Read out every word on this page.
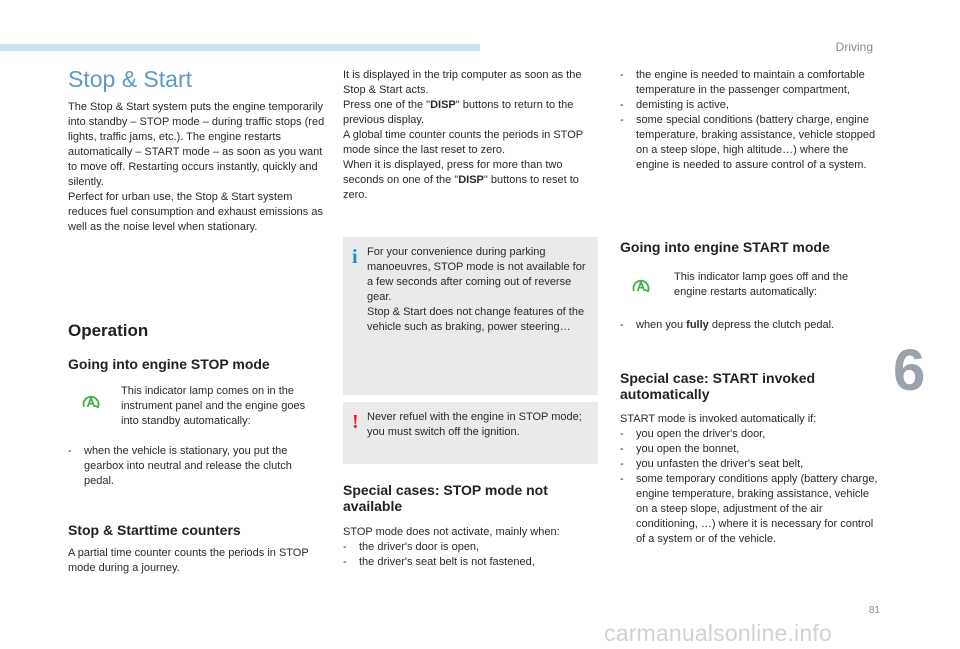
Driving
6
81
carmanualsonline.info
Stop & Start

The Stop & Start system puts the engine temporarily into standby – STOP mode – during traffic stops (red lights, traffic jams, etc.). The engine restarts automatically – START mode – as soon as you want to move off. Restarting occurs instantly, quickly and silently.

Perfect for urban use, the Stop & Start system reduces fuel consumption and exhaust emissions as well as the noise level when stationary.

Operation
Going into engine STOP mode
This indicator lamp comes on in the instrument panel and the engine goes into standby automatically:
-	when the vehicle is stationary, you put the gearbox into neutral and release the clutch pedal.
Stop & Starttime counters
A partial time counter counts the periods in STOP mode during a journey.

It is displayed in the trip computer as soon as the Stop & Start acts.

Press one of the "DISP" buttons to return to the previous display.

A global time counter counts the periods in STOP mode since the last reset to zero.

When it is displayed, press for more than two seconds on one of the "DISP" buttons to reset to zero.

i For your convenience during parking manoeuvres, STOP mode is not available for a few seconds after coming out of reverse gear.

Stop & Start does not change features of the vehicle such as braking, power steering…

! Never refuel with the engine in STOP mode; you must switch off the ignition.
Special cases: STOP mode not available

STOP mode does not activate, mainly when:

-	the driver's door is open,
-	the driver's seat belt is not fastened,
-	the engine is needed to maintain a comfortable temperature in the passenger compartment,
-	demisting is active,
-	some special conditions (battery charge, engine temperature, braking assistance, vehicle stopped on a steep slope, high altitude…) where the engine is needed to assure control of a system.
Going into engine START mode
This indicator lamp goes off and the engine restarts automatically:
-	when you fully depress the clutch pedal.
Special case: START invoked automatically

START mode is invoked automatically if:

-	you open the driver's door,
-	you open the bonnet,
-	you unfasten the driver's seat belt,
-	some temporary conditions apply (battery charge, engine temperature, braking assistance, vehicle on a steep slope, adjustment of the air conditioning, …) where it is necessary for control of a system or of the vehicle.
